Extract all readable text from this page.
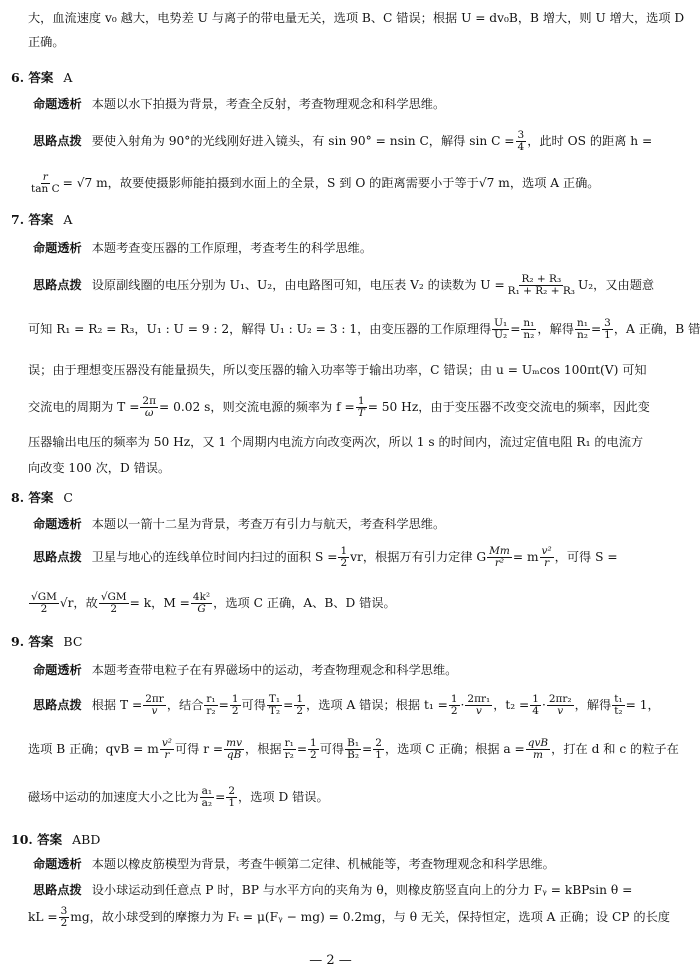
大，血流速度 v₀ 越大，电势差 U 与离子的带电量无关，选项 B、C 错误；根据 U = dv₀B，B 增大，则 U 增大，选项 D
正确。
6. 答案 A
命题透析 本题以水下拍摄为背景，考查全反射，考查物理观念和科学思维。
思路点拨 要使入射角为 90°的光线刚好进入镜头，有 sin 90° = nsin C，解得 $\sin C = \frac{3}{4}$ ，此时 OS 的距离 h =
$\frac{r}{\text{tan C}} = √7$ m，故要使摄影师能拍摄到水面上的全景，S 到 O 的距离需要小于等于√7 m，选项 A 正确。
7. 答案 A
命题透析 本题考查变压器的工作原理，考查考生的科学思维。
思路点拨 设原副线圈的电压分别为 U₁、U₂，由电路图可知，电压表 V₂ 的读数为 $U = \frac{\text{R₂ + R₃}}{\text{R₁ + R₂ + R₃}} U_2$，又由题意
可知 R₁ = R₂ = R₃，U₁ : U = 9 : 2，解得 U₁ : U₂ = 3 : 1，由变压器的工作原理得 $\frac{\text{U₁}}{\text{U₂}} = \frac{\text{n₁}}{\text{n₂}}$ ，解得 $\frac{\text{n₁}}{\text{n₂}} = \frac{3}{1}$ ，A 正确，B 错
误；由于理想变压器没有能量损失，所以变压器的输入功率等于输出功率，C 错误；由 u = Uₘcos 100πt(V) 可知
交流电的周期为 $T = \frac{2\pi}{\omega} = 0.02$ s，则交流电源的频率为 $f = \frac{1}{T} = 50$ Hz，由于变压器不改变交流电的频率，因此变
压器输出电压的频率为 50 Hz，又 1 个周期内电流方向改变两次，所以 1 s 的时间内，流过定值电阻 R₁ 的电流方
向改变 100 次，D 错误。
8. 答案 C
命题透析 本题以一箭十二星为背景，考查万有引力与航天，考查科学思维。
思路点拨 卫星与地心的连线单位时间内扫过的面积 $S = \frac{1}{2}$ vr，根据万有引力定律 G $\frac{Mm}{\text{r²}} = m \frac{\text{v²}}{r}$ ，可得 S =
$\frac{√GM}{2} √r$，故 $\frac{√GM}{2} = k$，$M = \frac{\text{4k²}}{G}$ ，选项 C 正确，A、B、D 错误。
9. 答案 BC
命题透析 本题考查带电粒子在有界磁场中的运动，考查物理观念和科学思维。
思路点拨 根据 $T = \frac{2\pi r}{v}$ ，结合 $\frac{\text{r₁}}{\text{r₂}} = \frac{1}{2}$ 可得 $\frac{\text{T₁}}{\text{T₂}} = \frac{1}{2}$ ，选项 A 错误；根据 $t_1 = \frac{1}{2} \cdot \frac{\text{2πr₁}}{v}$ ，$t_2 = \frac{1}{4} \cdot \frac{\text{2πr₂}}{v}$ ，解得 $\frac{\text{t₁}}{\text{t₂}} = 1$，
选项 B 正确；qvB = m $\frac{\text{v²}}{r}$ 可得 $r = \frac{mv}{qB}$ ，根据 $\frac{\text{r₁}}{\text{r₂}} = \frac{1}{2}$ 可得 $\frac{\text{B₁}}{\text{B₂}} = \frac{2}{1}$ ，选项 C 正确；根据 $a = \frac{\text{qvB}}{m}$ ，打在 d 和 c 的粒子在
磁场中运动的加速度大小之比为 $\frac{\text{a₁}}{\text{a₂}} = \frac{2}{1}$ ，选项 D 错误。
10. 答案 ABD
命题透析 本题以橡皮筋模型为背景，考查牛顿第二定律、机械能等，考查物理观念和科学思维。
思路点拨 设小球运动到任意点 P 时，BP 与水平方向的夹角为 θ，则橡皮筋竖直向上的分力 Fᵧ = kBPsin θ =
kL = $\frac{3}{2}$ mg，故小球受到的摩擦力为 Fₜ = μ(Fᵧ − mg) = 0.2mg，与 θ 无关，保持恒定，选项 A 正确；设 CP 的长度
— 2 —
